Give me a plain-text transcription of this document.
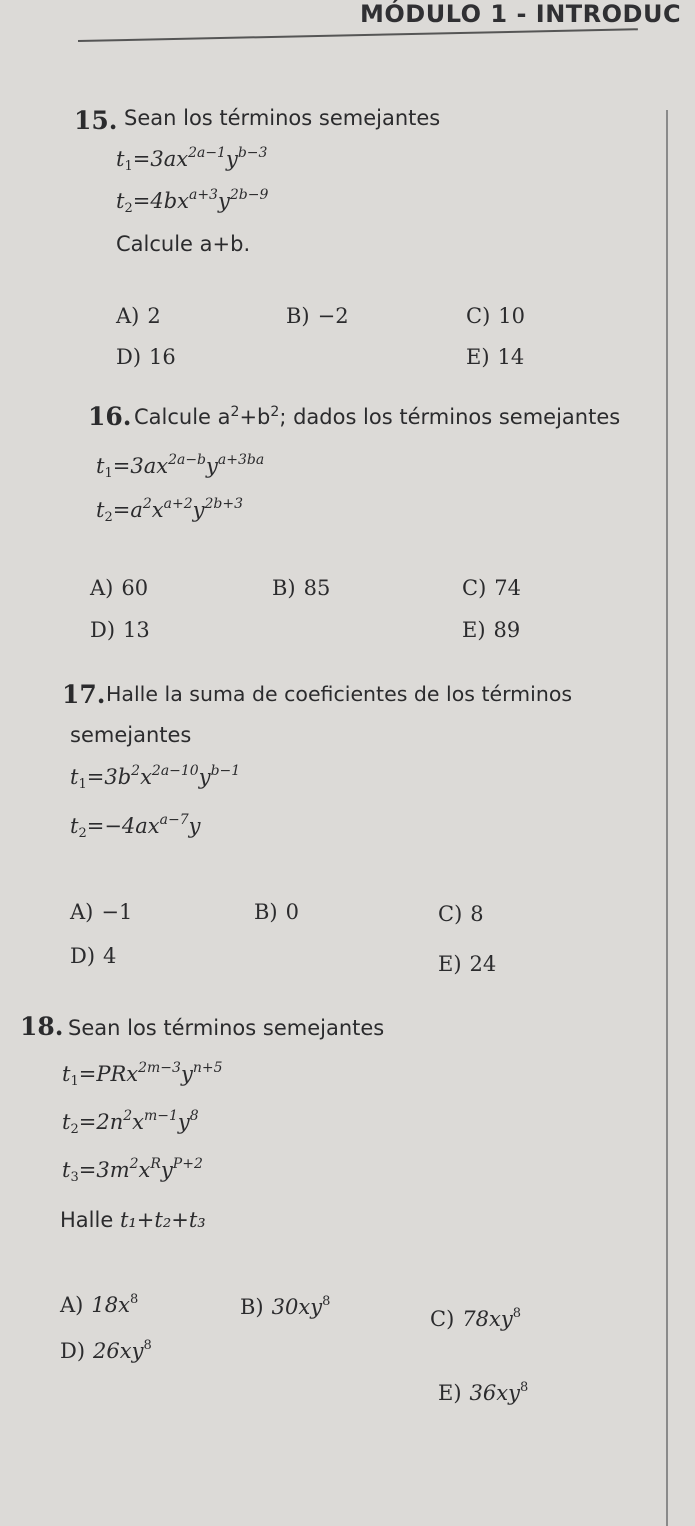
MÓDULO 1 - INTRODUC
15. Sean los términos semejantes
$t_1=3ax^{2a-1}y^{b-3}$
$t_2=4bx^{a+3}y^{2b-9}$
Calcule a+b.
A) 2	B) −2	C) 10
D) 16	E) 14
16. Calcule $a^2+b^2$; dados los términos semejantes
$t_1=3ax^{2a-b}y^{a+3ba}$
$t_2=a^2x^{a+2}y^{2b+3}$
A) 60	B) 85	C) 74
D) 13	E) 89
17. Halle la suma de coeficientes de los términos
semejantes
$t_1=3b^2x^{2a-10}y^{b-1}$
$t_2=-4ax^{a-7}y$
A) −1	B) 0	C) 8
D) 4	E) 24
18. Sean los términos semejantes
$t_1=PRx^{2m-3}y^{n+5}$
$t_2=2n^2x^{m-1}y^8$
$t_3=3m^2x^Ry^{P+2}$
Halle t₁+t₂+t₃
A) $18x^8$	B) $30xy^8$
C) $78xy^8$
D) $26xy^8$
E) $36xy^8$
